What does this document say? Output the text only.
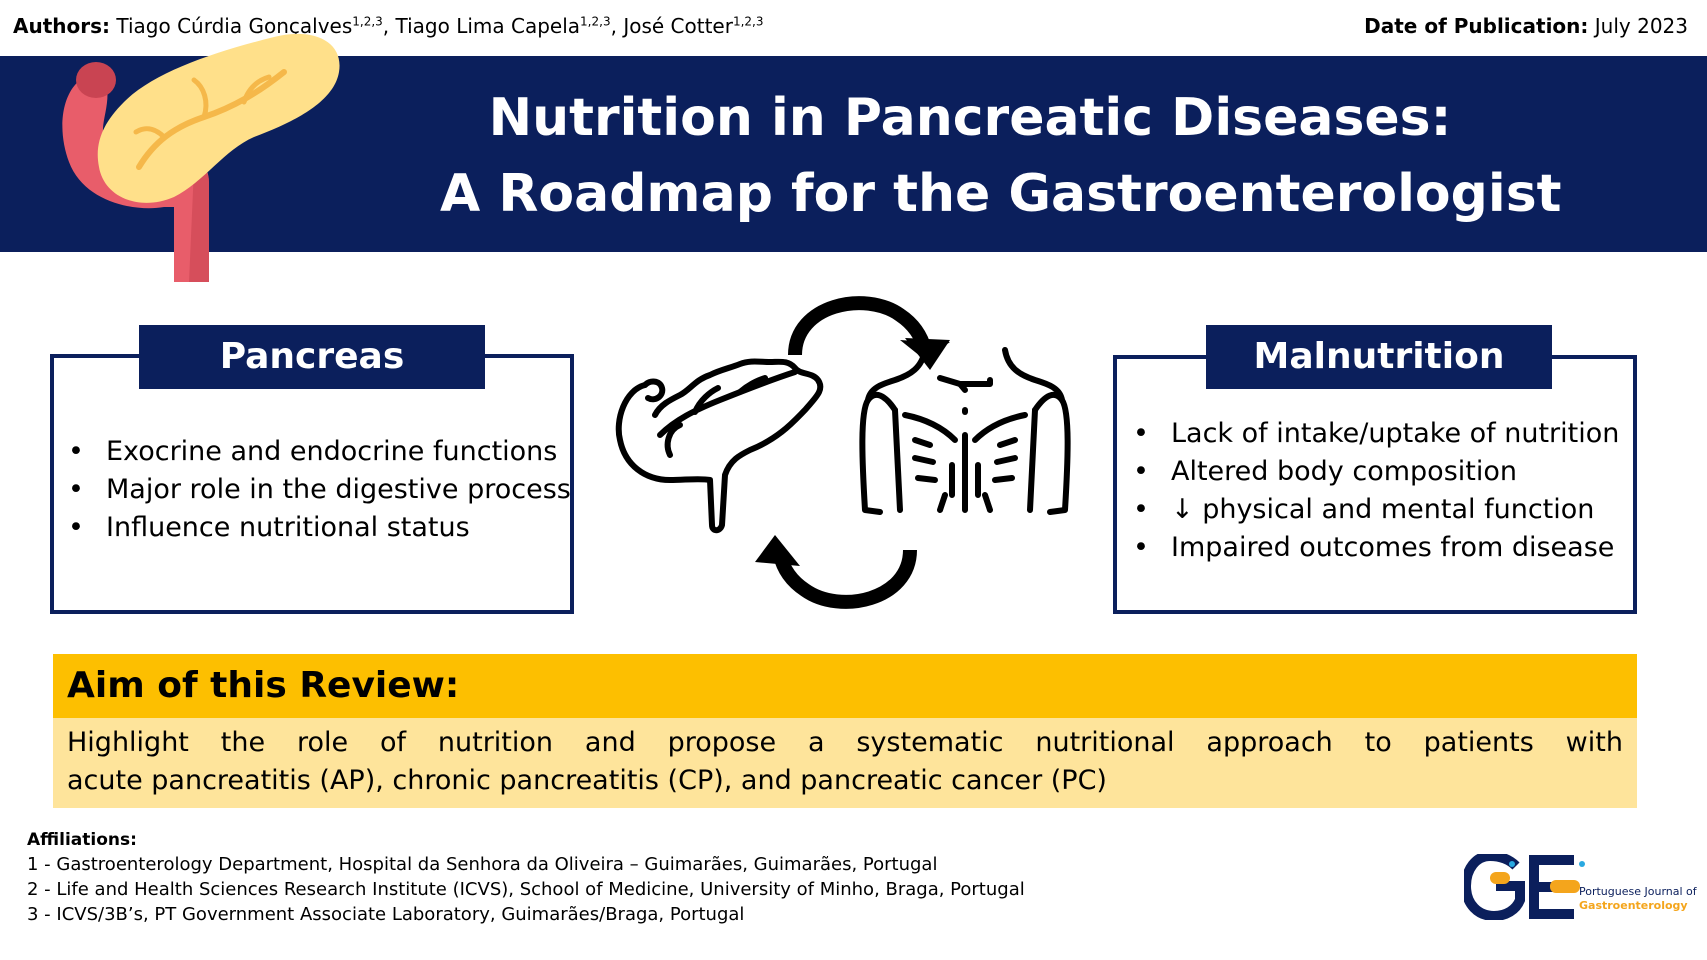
Authors: Tiago Cúrdia Gonçalves$^{1,2,3}$, Tiago Lima Capela$^{1,2,3}$, José Cotter$^{1,2,3}$	Date of Publication: July 2023
Nutrition in Pancreatic Diseases:
A Roadmap for the Gastroenterologist
Pancreas
• Exocrine and endocrine functions
• Major role in the digestive process
• Influence nutritional status
Malnutrition
• Lack of intake/uptake of nutrition
• Altered body composition
• ↓ physical and mental function
• Impaired outcomes from disease
Aim of this Review:
Highlight the role of nutrition and propose a systematic nutritional approach to patients with
acute pancreatitis (AP), chronic pancreatitis (CP), and pancreatic cancer (PC)
Affiliations:
1 - Gastroenterology Department, Hospital da Senhora da Oliveira – Guimarães, Guimarães, Portugal
2 - Life and Health Sciences Research Institute (ICVS), School of Medicine, University of Minho, Braga, Portugal
3 - ICVS/3B’s, PT Government Associate Laboratory, Guimarães/Braga, Portugal
Portuguese Journal of
Gastroenterology
